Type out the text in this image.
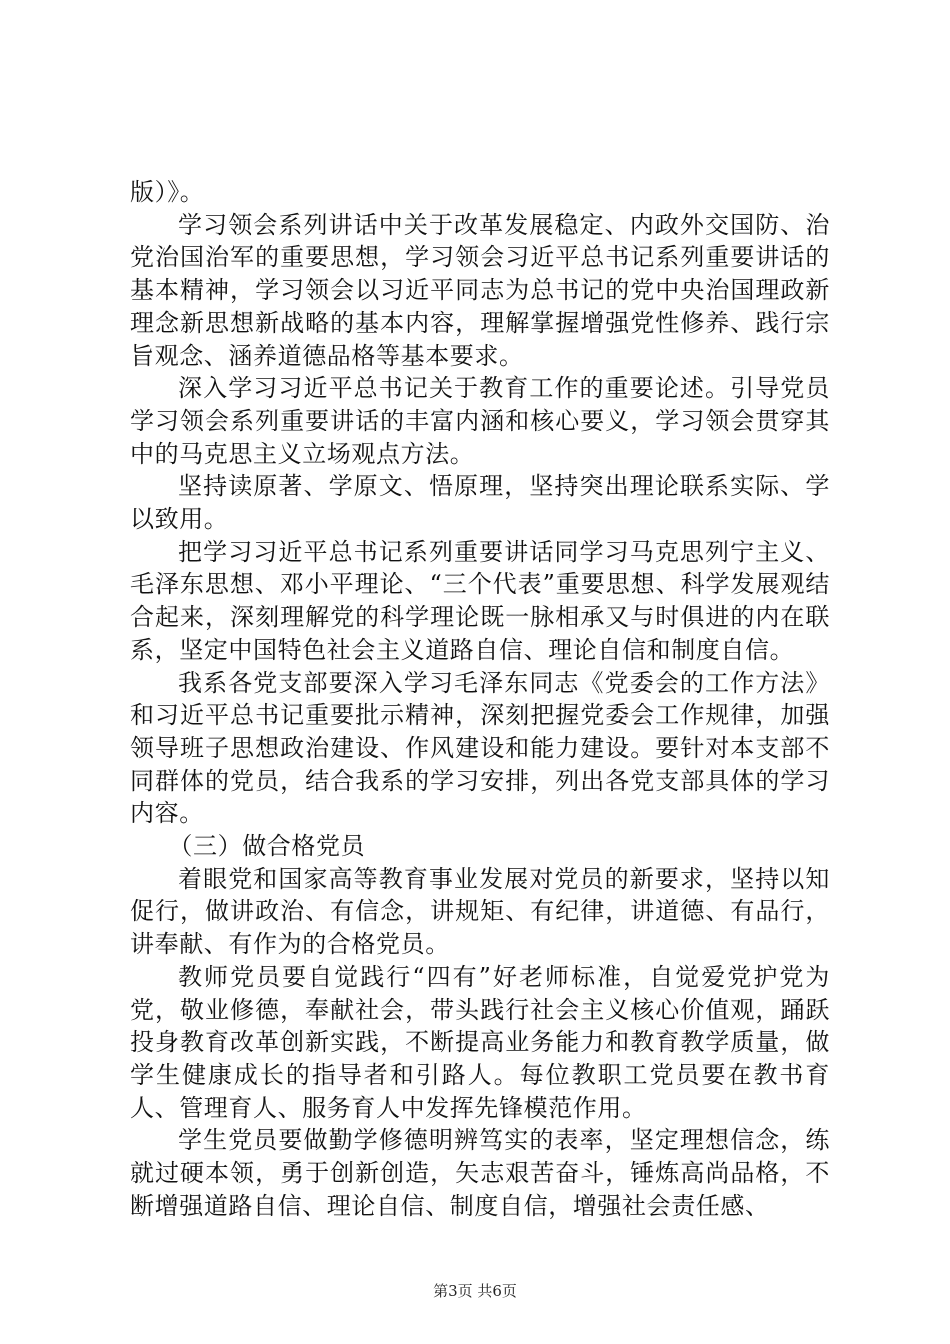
版）》。

学习领会系列讲话中关于改革发展稳定、内政外交国防、治党治国治军的重要思想，学习领会习近平总书记系列重要讲话的基本精神，学习领会以习近平同志为总书记的党中央治国理政新理念新思想新战略的基本内容，理解掌握增强党性修养、践行宗旨观念、涵养道德品格等基本要求。

深入学习习近平总书记关于教育工作的重要论述。引导党员学习领会系列重要讲话的丰富内涵和核心要义，学习领会贯穿其中的马克思主义立场观点方法。

坚持读原著、学原文、悟原理，坚持突出理论联系实际、学以致用。

把学习习近平总书记系列重要讲话同学习马克思列宁主义、毛泽东思想、邓小平理论、“三个代表”重要思想、科学发展观结合起来，深刻理解党的科学理论既一脉相承又与时俱进的内在联系，坚定中国特色社会主义道路自信、理论自信和制度自信。

我系各党支部要深入学习毛泽东同志《党委会的工作方法》和习近平总书记重要批示精神，深刻把握党委会工作规律，加强领导班子思想政治建设、作风建设和能力建设。要针对本支部不同群体的党员，结合我系的学习安排，列出各党支部具体的学习内容。

（三）做合格党员

着眼党和国家高等教育事业发展对党员的新要求，坚持以知促行，做讲政治、有信念，讲规矩、有纪律，讲道德、有品行，讲奉献、有作为的合格党员。

教师党员要自觉践行“四有”好老师标准，自觉爱党护党为党，敬业修德，奉献社会，带头践行社会主义核心价值观，踊跃投身教育改革创新实践，不断提高业务能力和教育教学质量，做学生健康成长的指导者和引路人。每位教职工党员要在教书育人、管理育人、服务育人中发挥先锋模范作用。

学生党员要做勤学修德明辨笃实的表率，坚定理想信念，练就过硬本领，勇于创新创造，矢志艰苦奋斗，锤炼高尚品格，不断增强道路自信、理论自信、制度自信，增强社会责任感、

第3页 共6页
